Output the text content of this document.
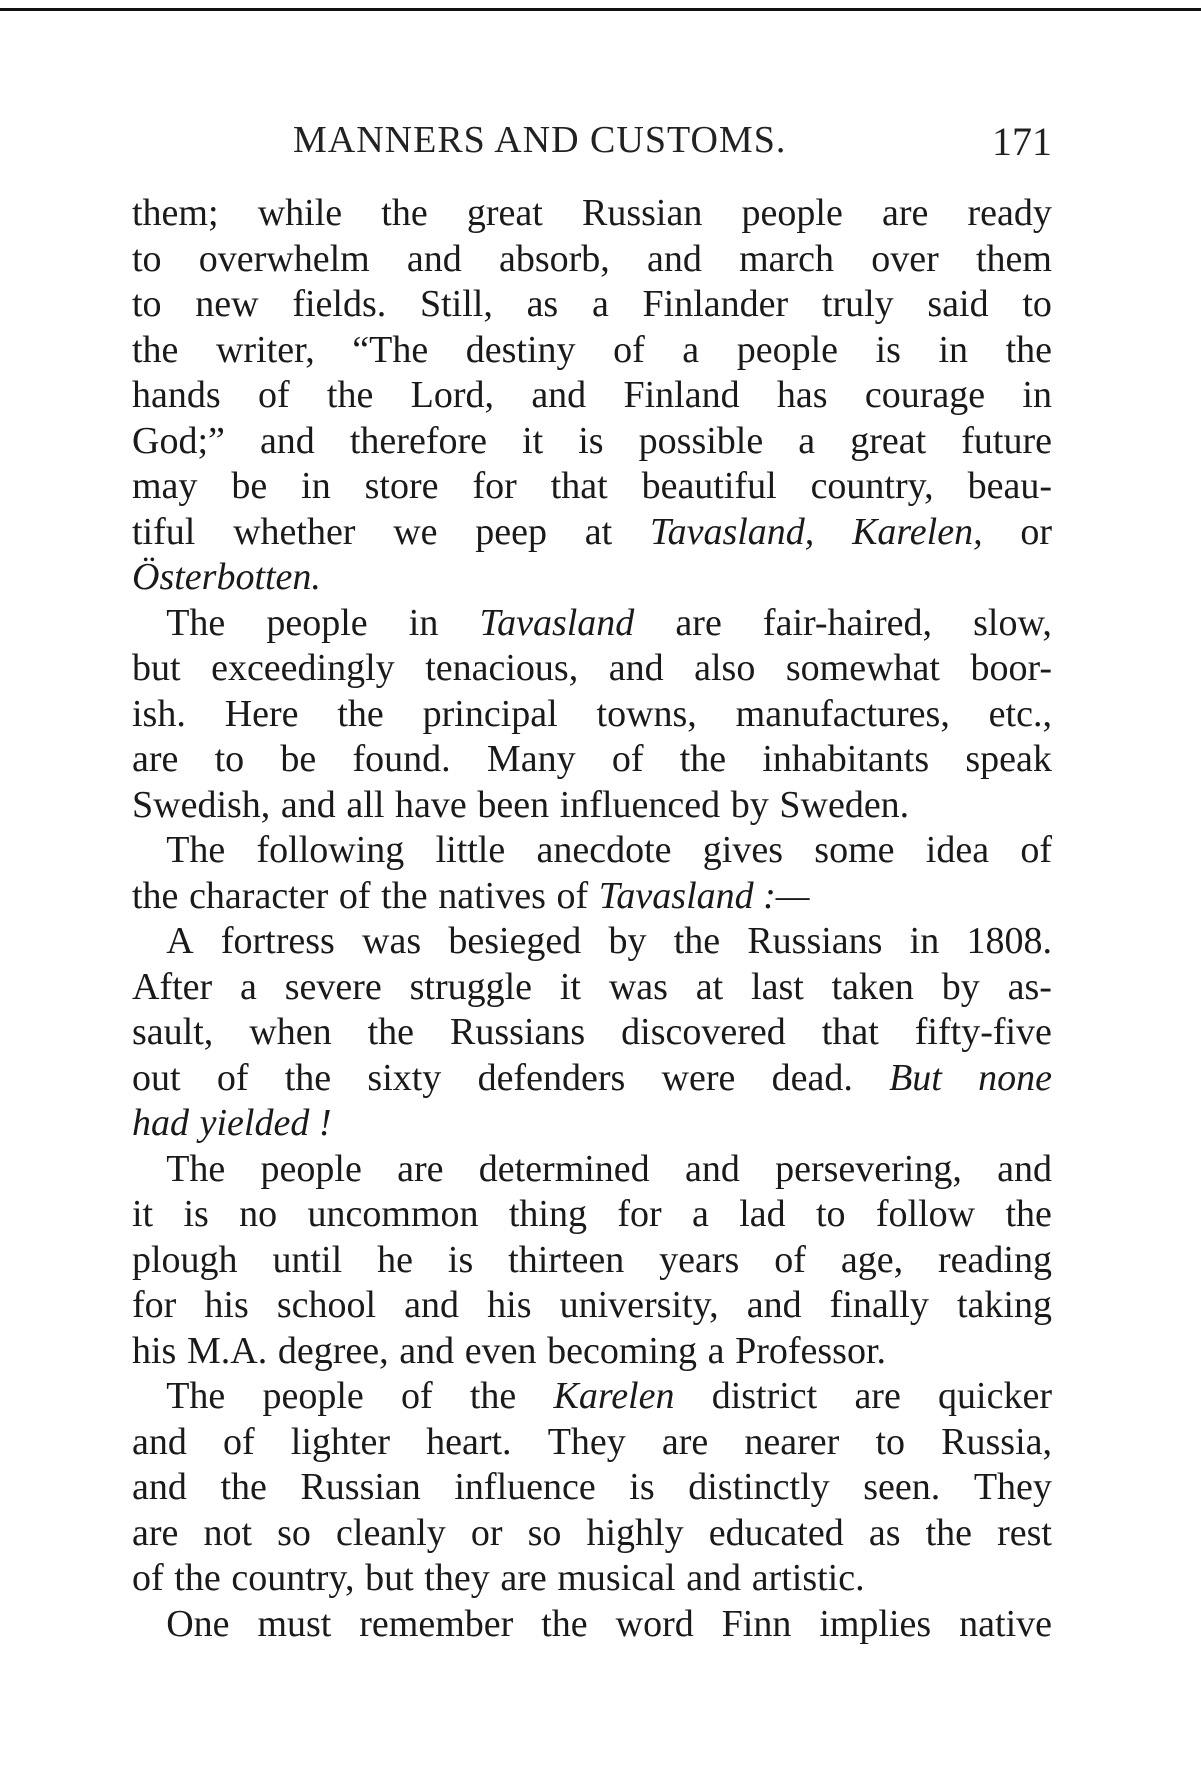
MANNERS AND CUSTOMS.	171
them; while the great Russian people are ready
to overwhelm and absorb, and march over them
to new fields. Still, as a Finlander truly said to
the writer, “The destiny of a people is in the
hands of the Lord, and Finland has courage in
God;” and therefore it is possible a great future
may be in store for that beautiful country, beau-
tiful whether we peep at Tavasland, Karelen, or
Österbotten.
The people in Tavasland are fair-haired, slow,
but exceedingly tenacious, and also somewhat boor-
ish. Here the principal towns, manufactures, etc.,
are to be found. Many of the inhabitants speak
Swedish, and all have been influenced by Sweden.
The following little anecdote gives some idea of
the character of the natives of Tavasland :—
A fortress was besieged by the Russians in 1808.
After a severe struggle it was at last taken by as-
sault, when the Russians discovered that fifty-five
out of the sixty defenders were dead. But none
had yielded !
The people are determined and persevering, and
it is no uncommon thing for a lad to follow the
plough until he is thirteen years of age, reading
for his school and his university, and finally taking
his M.A. degree, and even becoming a Professor.
The people of the Karelen district are quicker
and of lighter heart. They are nearer to Russia,
and the Russian influence is distinctly seen. They
are not so cleanly or so highly educated as the rest
of the country, but they are musical and artistic.
One must remember the word Finn implies native
